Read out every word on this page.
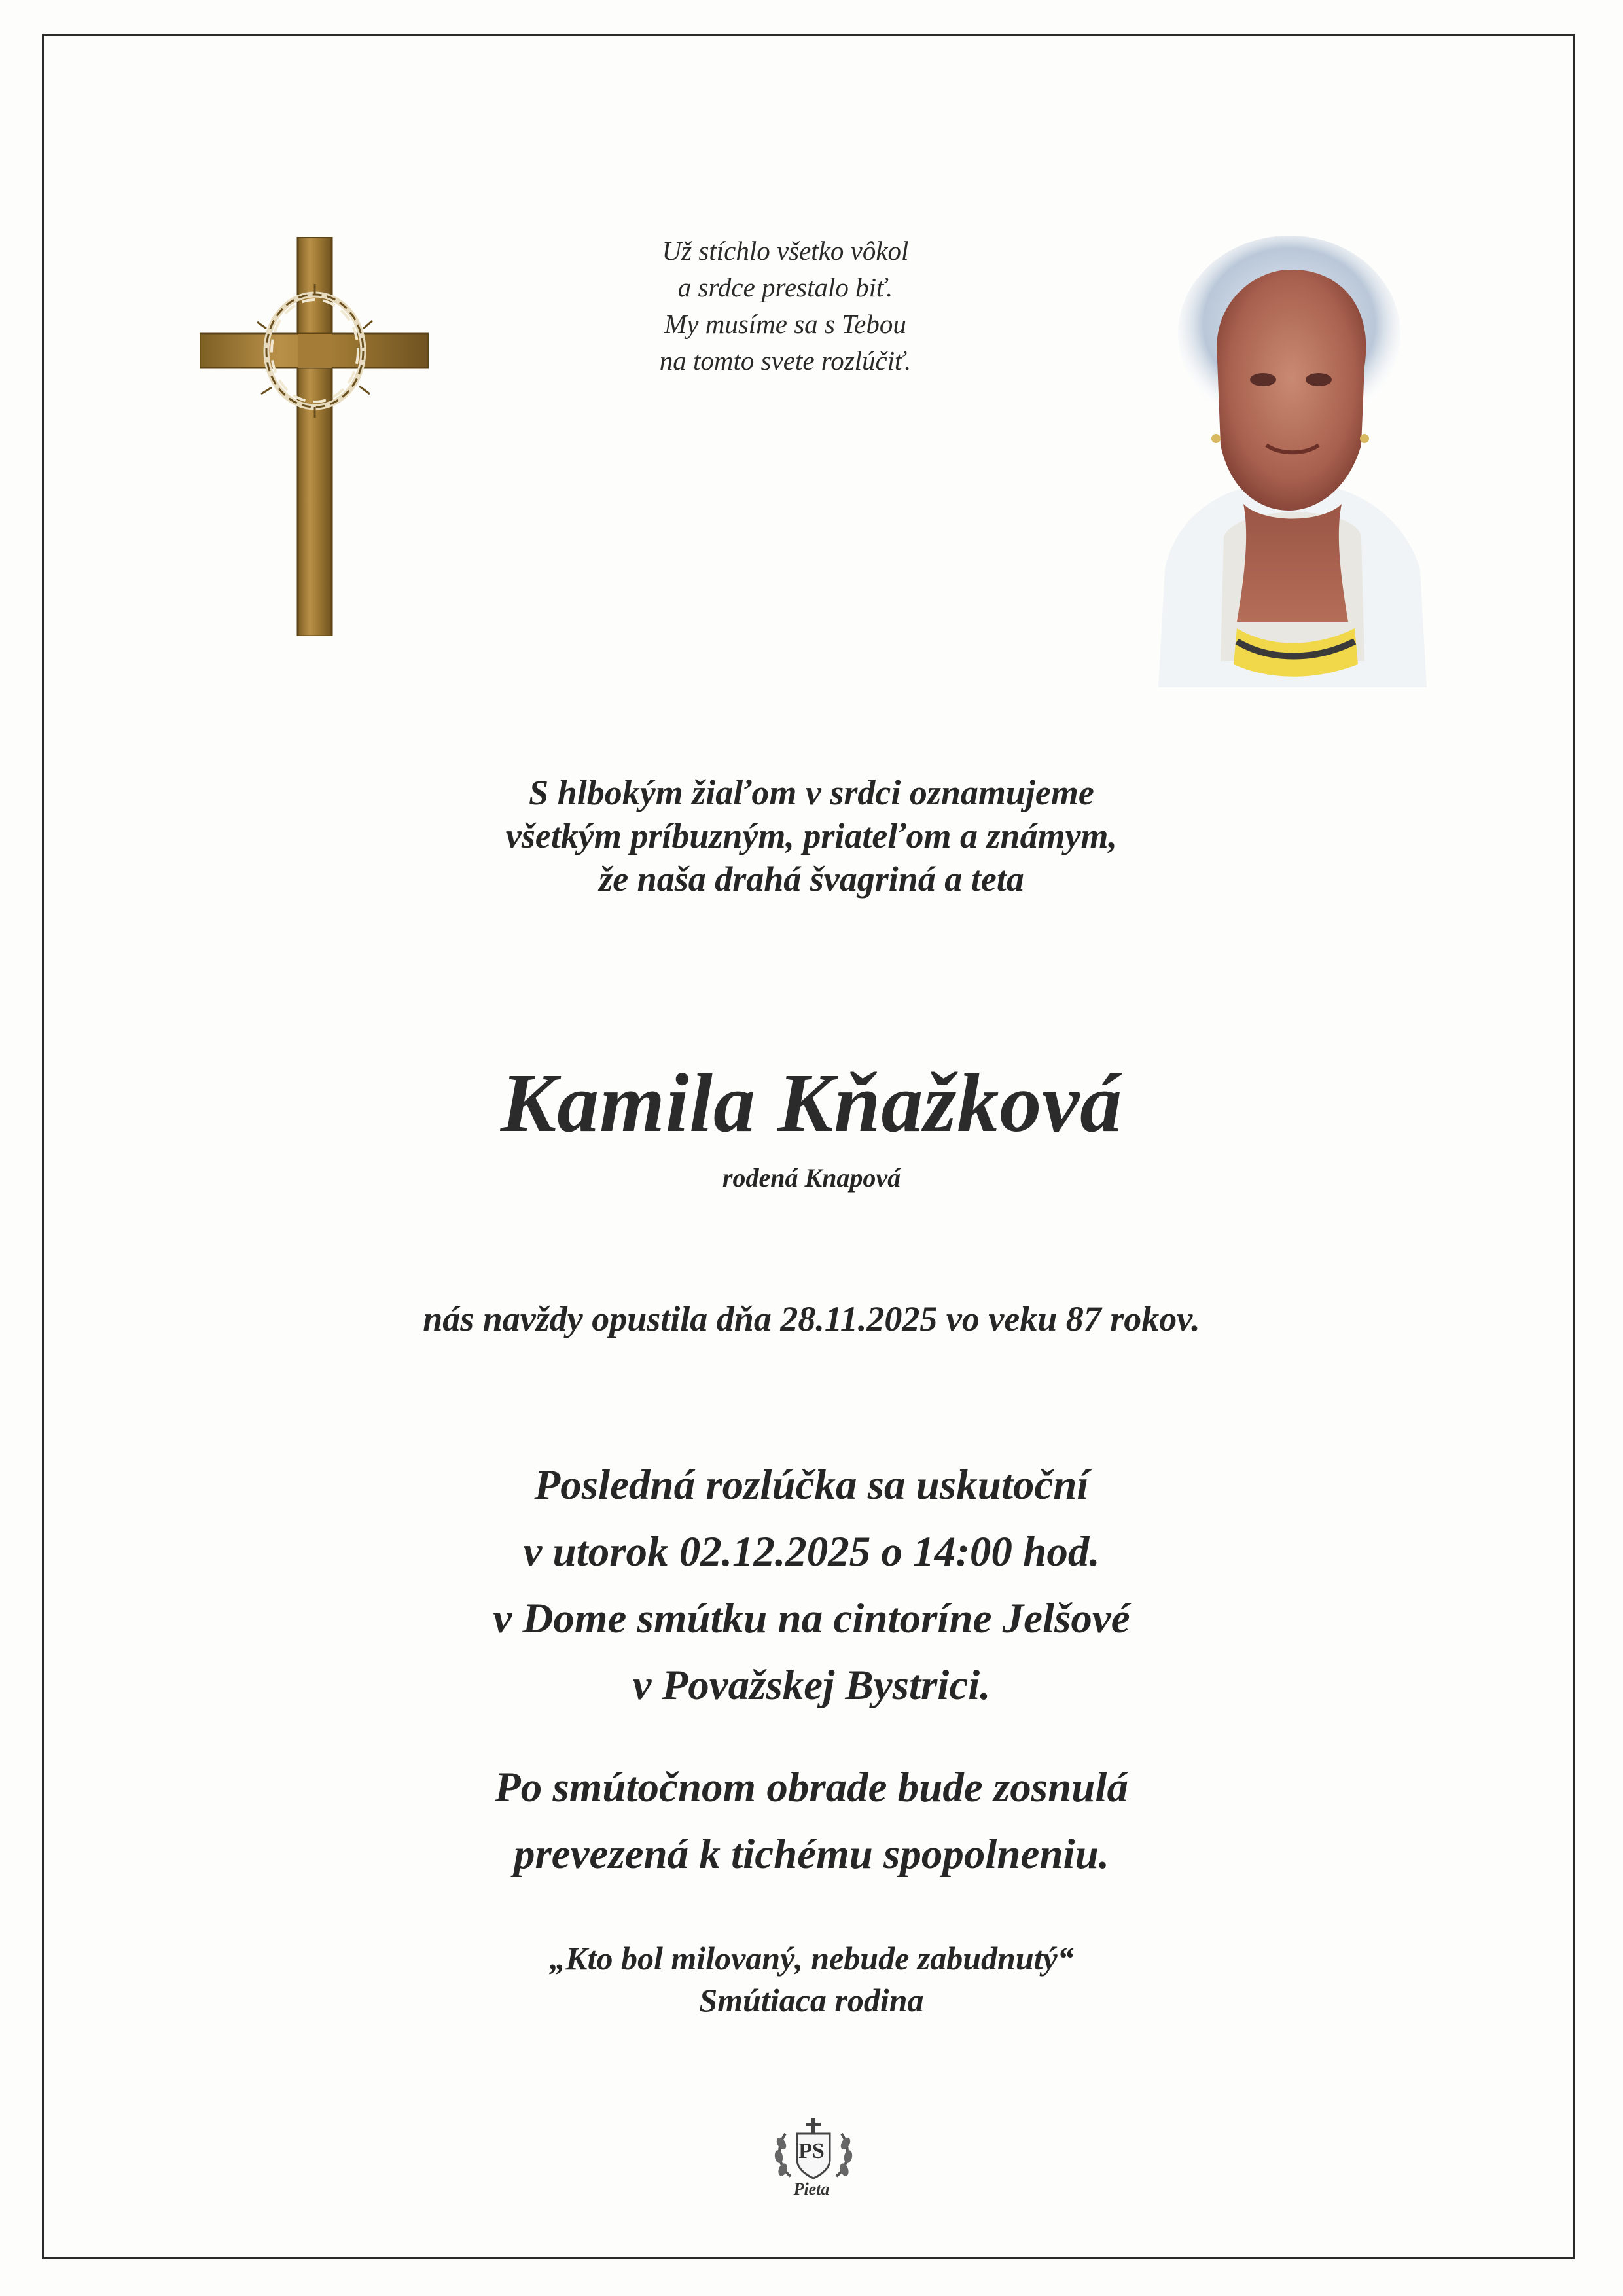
Už stíchlo všetko vôkol
a srdce prestalo biť.
My musíme sa s Tebou
na tomto svete rozlúčiť.
S hlbokým žiaľom v srdci oznamujeme
všetkým príbuzným, priateľom a známym,
že naša drahá švagriná a teta
Kamila Kňažková
rodená Knapová
nás navždy opustila dňa 28.11.2025 vo veku 87 rokov.
Posledná rozlúčka sa uskutoční
v utorok 02.12.2025 o 14:00 hod.
v Dome smútku na cintoríne Jelšové
v Považskej Bystrici.
Po smútočnom obrade bude zosnulá
prevezená k tichému spopolneniu.
„Kto bol milovaný, nebude zabudnutý“
Smútiaca rodina
PS
Pieta
